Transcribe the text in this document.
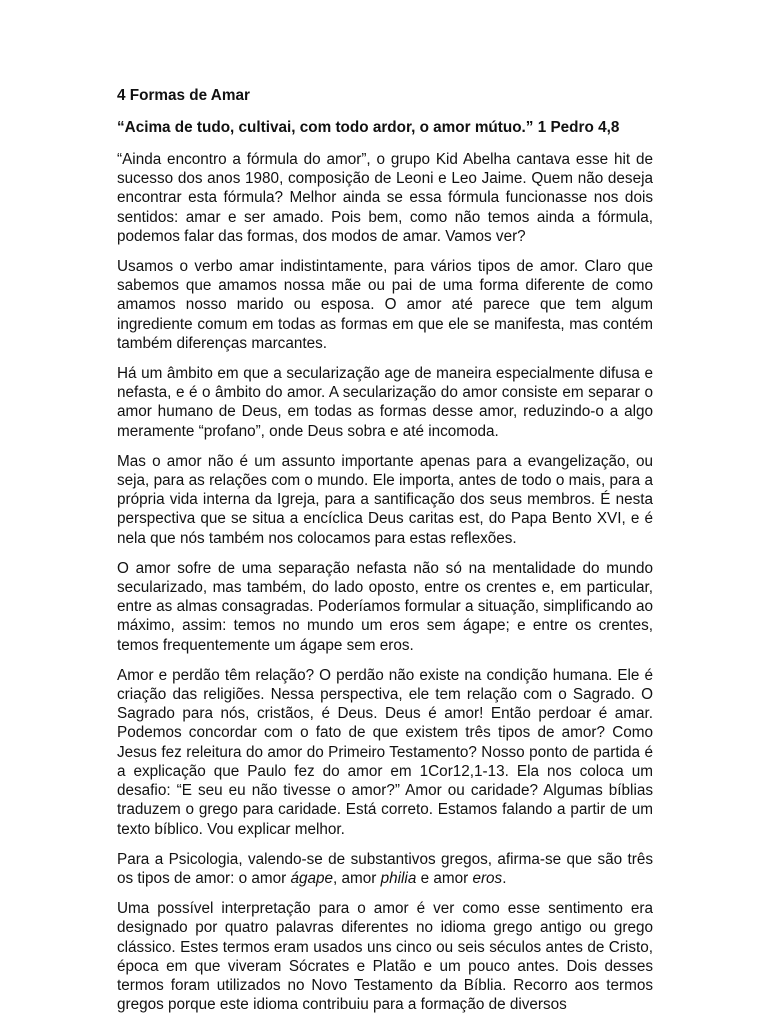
4 Formas de Amar

“Acima de tudo, cultivai, com todo ardor, o amor mútuo.” 1 Pedro 4,8

“Ainda encontro a fórmula do amor”, o grupo Kid Abelha cantava esse hit de sucesso dos anos 1980, composição de Leoni e Leo Jaime. Quem não deseja encontrar esta fórmula? Melhor ainda se essa fórmula funcionasse nos dois sentidos: amar e ser amado. Pois bem, como não temos ainda a fórmula, podemos falar das formas, dos modos de amar. Vamos ver?

Usamos o verbo amar indistintamente, para vários tipos de amor. Claro que sabemos que amamos nossa mãe ou pai de uma forma diferente de como amamos nosso marido ou esposa. O amor até parece que tem algum ingrediente comum em todas as formas em que ele se manifesta, mas contém também diferenças marcantes.

Há um âmbito em que a secularização age de maneira especialmente difusa e nefasta, e é o âmbito do amor. A secularização do amor consiste em separar o amor humano de Deus, em todas as formas desse amor, reduzindo-o a algo meramente “profano”, onde Deus sobra e até incomoda.

Mas o amor não é um assunto importante apenas para a evangelização, ou seja, para as relações com o mundo. Ele importa, antes de todo o mais, para a própria vida interna da Igreja, para a santificação dos seus membros. É nesta perspectiva que se situa a encíclica Deus caritas est, do Papa Bento XVI, e é nela que nós também nos colocamos para estas reflexões.

O amor sofre de uma separação nefasta não só na mentalidade do mundo secularizado, mas também, do lado oposto, entre os crentes e, em particular, entre as almas consagradas. Poderíamos formular a situação, simplificando ao máximo, assim: temos no mundo um eros sem ágape; e entre os crentes, temos frequentemente um ágape sem eros.

Amor e perdão têm relação? O perdão não existe na condição humana. Ele é criação das religiões. Nessa perspectiva, ele tem relação com o Sagrado. O Sagrado para nós, cristãos, é Deus. Deus é amor! Então perdoar é amar. Podemos concordar com o fato de que existem três tipos de amor? Como Jesus fez releitura do amor do Primeiro Testamento? Nosso ponto de partida é a explicação que Paulo fez do amor em 1Cor12,1-13. Ela nos coloca um desafio: “E seu eu não tivesse o amor?” Amor ou caridade? Algumas bíblias traduzem o grego para caridade. Está correto. Estamos falando a partir de um texto bíblico. Vou explicar melhor.

Para a Psicologia, valendo-se de substantivos gregos, afirma-se que são três os tipos de amor: o amor ágape, amor philia e amor eros.

Uma possível interpretação para o amor é ver como esse sentimento era designado por quatro palavras diferentes no idioma grego antigo ou grego clássico. Estes termos eram usados uns cinco ou seis séculos antes de Cristo, época em que viveram Sócrates e Platão e um pouco antes. Dois desses termos foram utilizados no Novo Testamento da Bíblia. Recorro aos termos gregos porque este idioma contribuiu para a formação de diversos
